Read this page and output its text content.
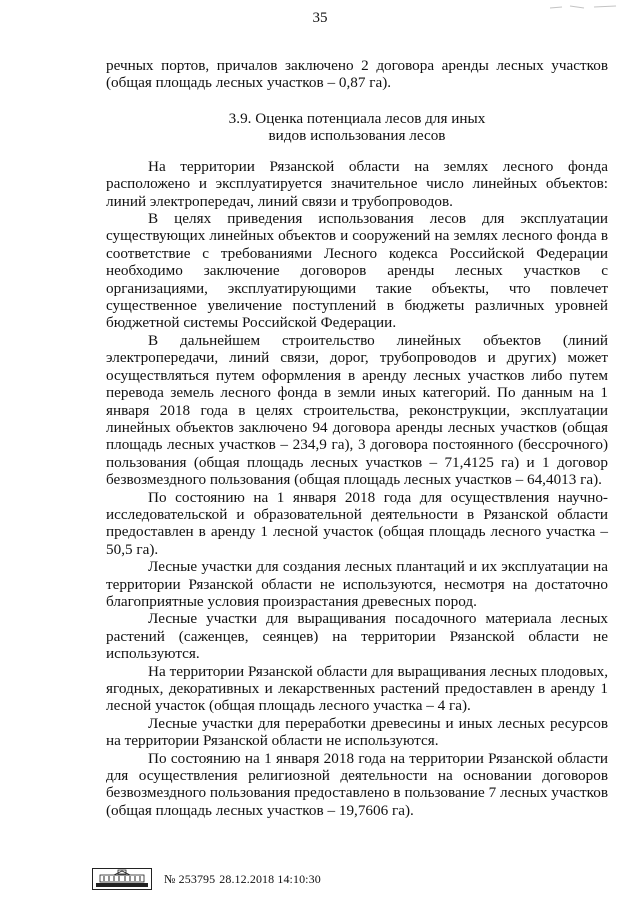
35

речных портов, причалов заключено 2 договора аренды лесных участков (общая площадь лесных участков – 0,87 га).

3.9. Оценка потенциала лесов для иных
видов использования лесов

На территории Рязанской области на землях лесного фонда расположено и эксплуатируется значительное число линейных объектов: линий электропередач, линий связи и трубопроводов.

В целях приведения использования лесов для эксплуатации существующих линейных объектов и сооружений на землях лесного фонда в соответствие с требованиями Лесного кодекса Российской Федерации необходимо заключение договоров аренды лесных участков с организациями, эксплуатирующими такие объекты, что повлечет существенное увеличение поступлений в бюджеты различных уровней бюджетной системы Российской Федерации.

В дальнейшем строительство линейных объектов (линий электропередачи, линий связи, дорог, трубопроводов и других) может осуществляться путем оформления в аренду лесных участков либо путем перевода земель лесного фонда в земли иных категорий. По данным на 1 января 2018 года в целях строительства, реконструкции, эксплуатации линейных объектов заключено 94 договора аренды лесных участков (общая площадь лесных участков – 234,9 га), 3 договора постоянного (бессрочного) пользования (общая площадь лесных участков – 71,4125 га) и 1 договор безвозмездного пользования (общая площадь лесных участков – 64,4013 га).

По состоянию на 1 января 2018 года для осуществления научно-исследовательской и образовательной деятельности в Рязанской области предоставлен в аренду 1 лесной участок (общая площадь лесного участка – 50,5 га).

Лесные участки для создания лесных плантаций и их эксплуатации на территории Рязанской области не используются, несмотря на достаточно благоприятные условия произрастания древесных пород.

Лесные участки для выращивания посадочного материала лесных растений (саженцев, сеянцев) на территории Рязанской области не используются.

На территории Рязанской области для выращивания лесных плодовых, ягодных, декоративных и лекарственных растений предоставлен в аренду 1 лесной участок (общая площадь лесного участка – 4 га).

Лесные участки для переработки древесины и иных лесных ресурсов на территории Рязанской области не используются.

По состоянию на 1 января 2018 года на территории Рязанской области для осуществления религиозной деятельности на основании договоров безвозмездного пользования предоставлено в пользование 7 лесных участков (общая площадь лесных участков – 19,7606 га).

№ 253795 28.12.2018 14:10:30
